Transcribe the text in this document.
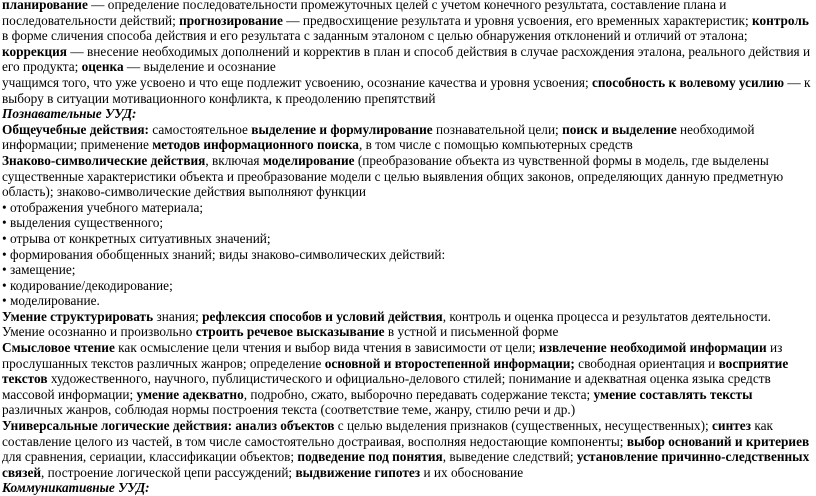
планирование — определение последовательности промежуточных целей с учетом конечного результата, составление плана и последовательности действий; прогнозирование — предвосхищение результата и уровня усвоения, его временных характеристик; контроль в форме сличения способа действия и его результата с заданным эталоном с целью обнаружения отклонений и отличий от эталона; коррекция — внесение необходимых дополнений и корректив в план и способ действия в случае расхождения эталона, реального действия и его продукта; оценка — выделение и осознание
учащимся того, что уже усвоено и что еще подлежит усвоению, осознание качества и уровня усвоения; способность к волевому усилию — к выбору в ситуации мотивационного конфликта, к преодолению препятствий
Познавательные УУД:
Общеучебные действия: самостоятельное выделение и формулирование познавательной цели; поиск и выделение необходимой информации; применение методов информационного поиска, в том числе с помощью компьютерных средств
Знаково-символические действия, включая моделирование (преобразование объекта из чувственной формы в модель, где выделены существенные характеристики объекта и преобразование модели с целью выявления общих законов, определяющих данную предметную область); знаково-символические действия выполняют функции
• отображения учебного материала;
• выделения существенного;
• отрыва от конкретных ситуативных значений;
• формирования обобщенных знаний; виды знаково-символических действий:
• замещение;
• кодирование/декодирование;
• моделирование.
Умение структурировать знания; рефлексия способов и условий действия, контроль и оценка процесса и результатов деятельности.
Умение осознанно и произвольно строить речевое высказывание в устной и письменной форме
Смысловое чтение как осмысление цели чтения и выбор вида чтения в зависимости от цели; извлечение необходимой информации из прослушанных текстов различных жанров; определение основной и второстепенной информации; свободная ориентация и восприятие текстов художественного, научного, публицистического и официально-делового стилей; понимание и адекватная оценка языка средств массовой информации; умение адекватно, подробно, сжато, выборочно передавать содержание текста; умение составлять тексты различных жанров, соблюдая нормы построения текста (соответствие теме, жанру, стилю речи и др.)
Универсальные логические действия: анализ объектов с целью выделения признаков (существенных, несущественных); синтез как составление целого из частей, в том числе самостоятельно достраивая, восполняя недостающие компоненты; выбор оснований и критериев для сравнения, сериации, классификации объектов; подведение под понятия, выведение следствий; установление причинно-следственных связей, построение логической цепи рассуждений; выдвижение гипотез и их обоснование
Коммуникативные УУД:
